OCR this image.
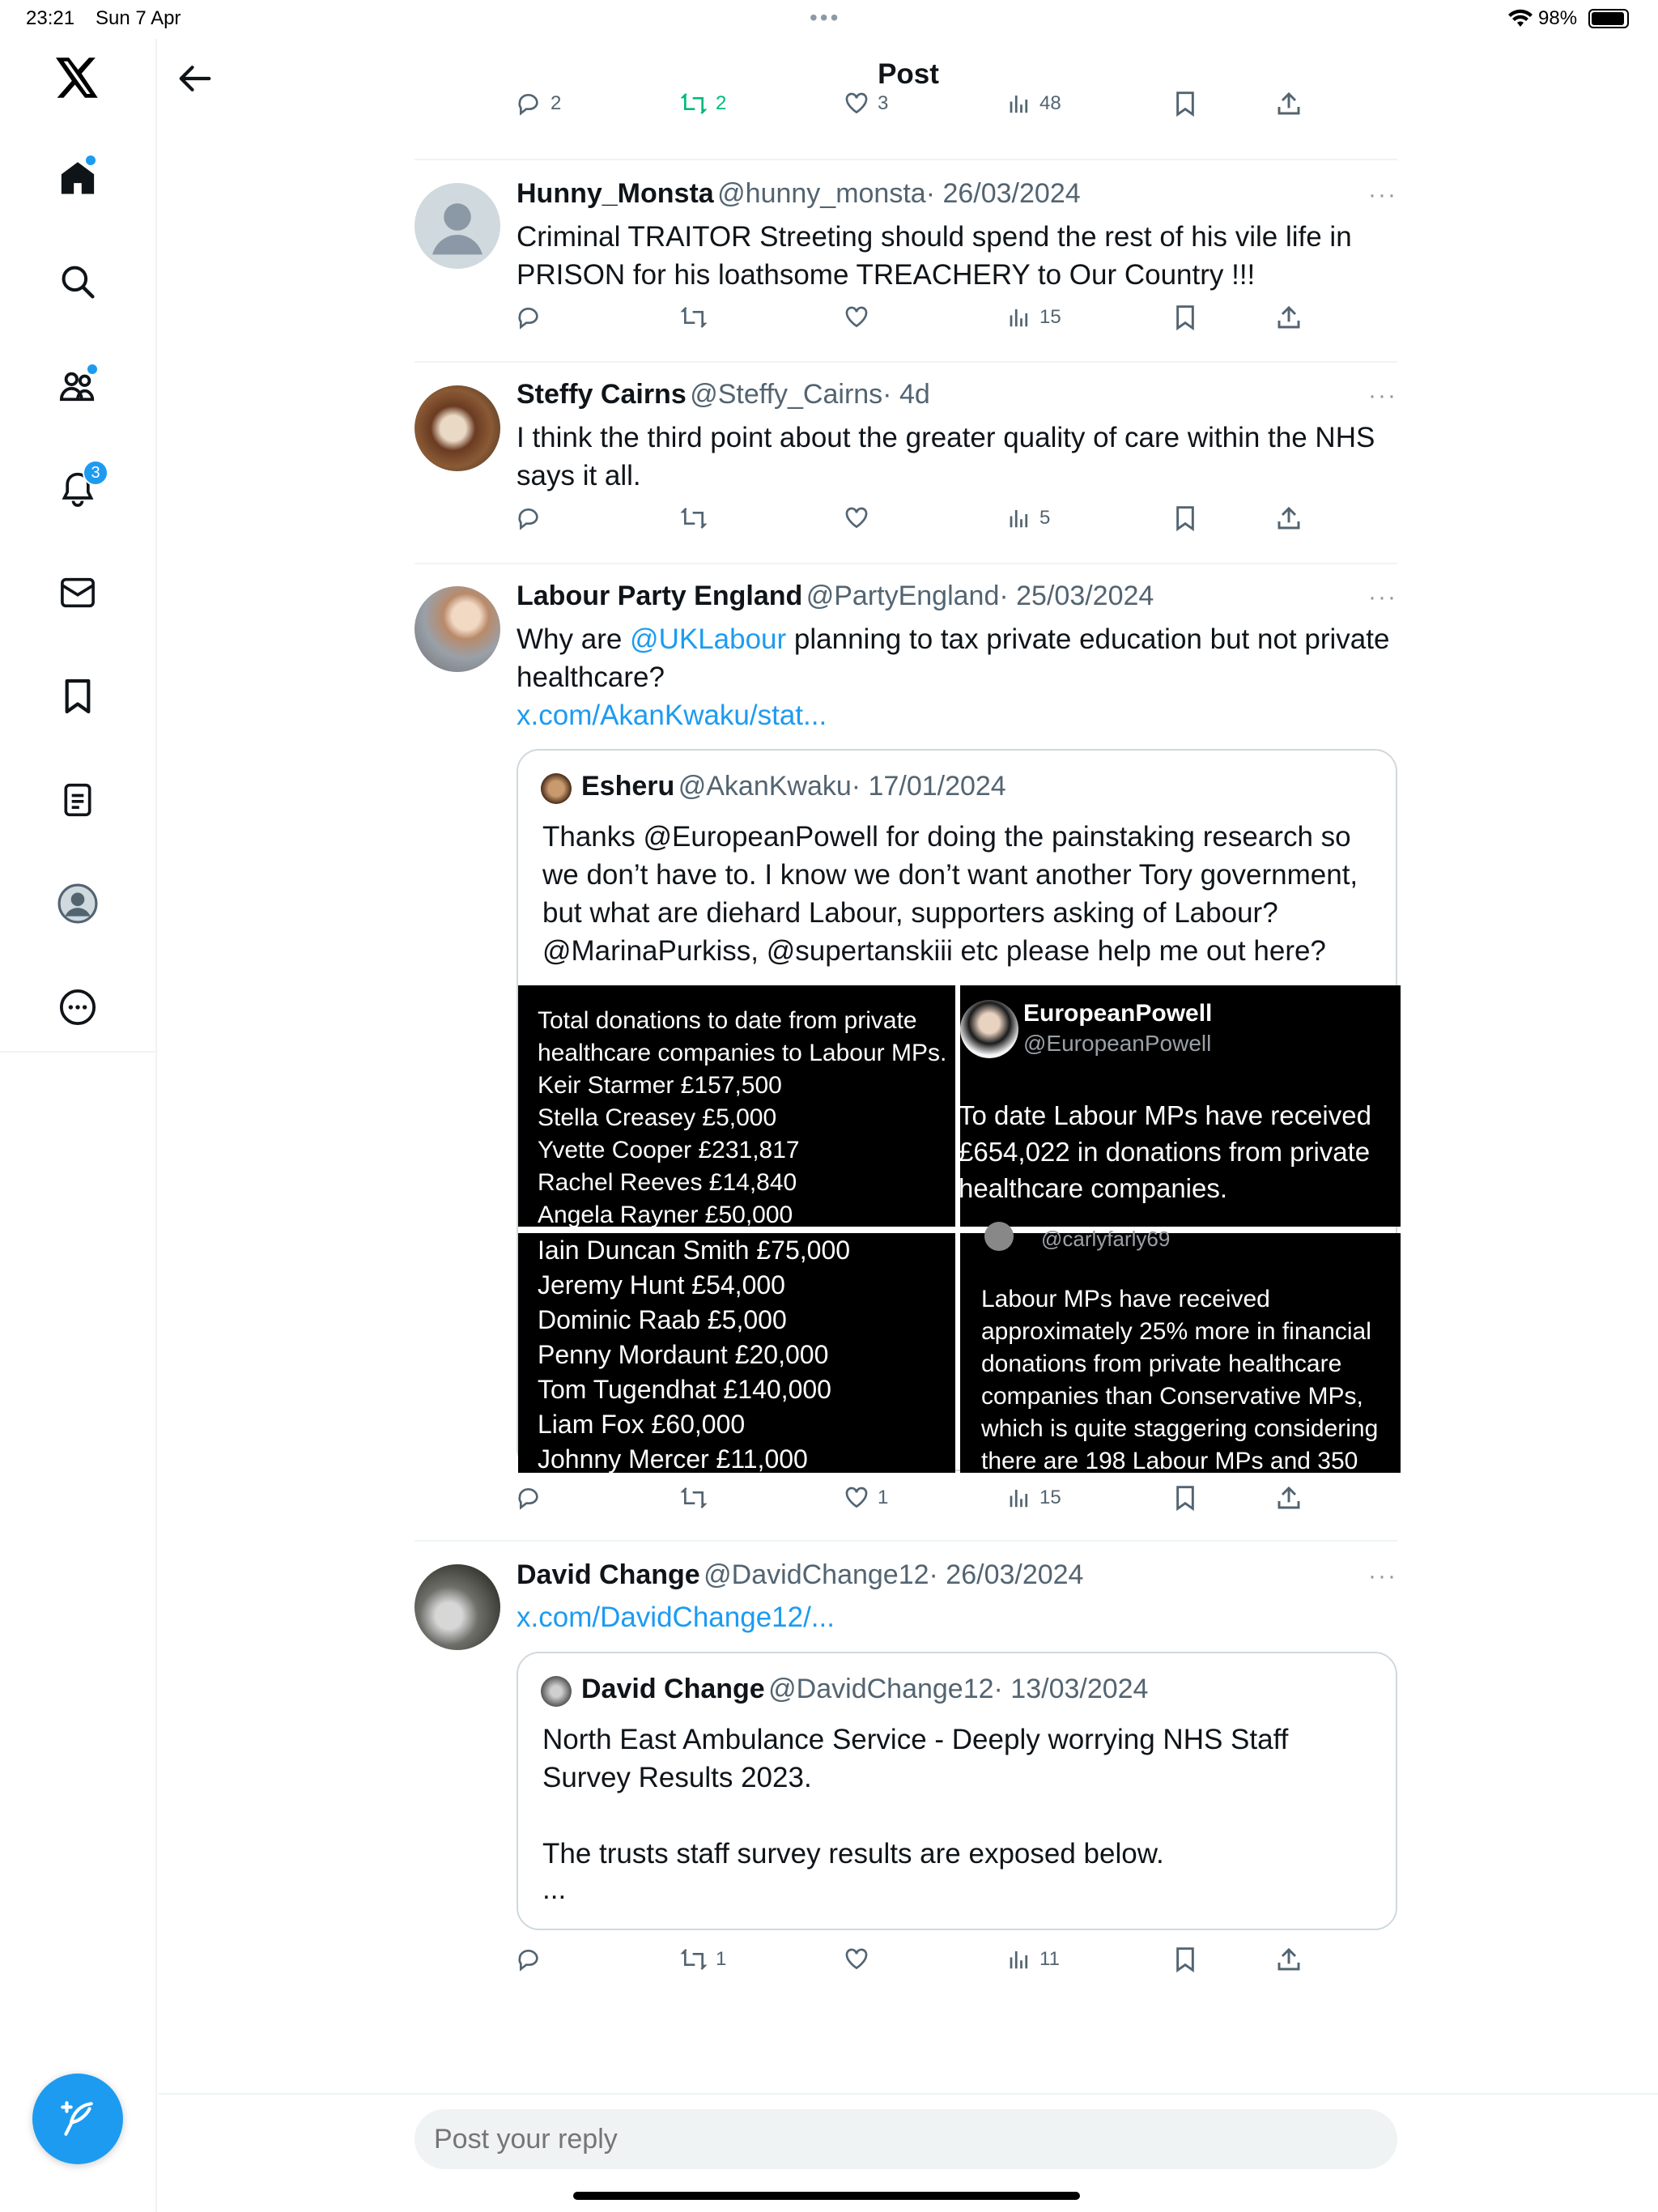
23:21 Sun 7 Apr	•••	98%
3
Post
2	2	3	48
Hunny_Monsta @hunny_monsta· 26/03/2024	···
Criminal TRAITOR Streeting should spend the rest of his vile life in PRISON for his loathsome TREACHERY to Our Country !!!
15
Steffy Cairns @Steffy_Cairns· 4d	···
I think the third point about the greater quality of care within the NHS says it all.
5
Labour Party England @PartyEngland· 25/03/2024	···
Why are @UKLabour planning to tax private education but not private healthcare?
x.com/AkanKwaku/stat...
Esheru @AkanKwaku· 17/01/2024
Thanks @EuropeanPowell for doing the painstaking research so we don’t have to. I know we don’t want another Tory government, but what are diehard Labour, supporters asking of Labour? @MarinaPurkiss, @supertanskiii etc please help me out here?
Total donations to date from private
healthcare companies to Labour MPs.
Keir Starmer £157,500
Stella Creasey £5,000
Yvette Cooper £231,817
Rachel Reeves £14,840
Angela Rayner £50,000
EuropeanPowell
@EuropeanPowell
To date Labour MPs have received
£654,022 in donations from private
healthcare companies.
Iain Duncan Smith £75,000
Jeremy Hunt £54,000
Dominic Raab £5,000
Penny Mordaunt £20,000
Tom Tugendhat £140,000
Liam Fox £60,000
Johnny Mercer £11,000
@carlyfarly69
Labour MPs have received
approximately 25% more in financial
donations from private healthcare
companies than Conservative MPs,
which is quite staggering considering
there are 198 Labour MPs and 350
1	15
David Change @DavidChange12· 26/03/2024	···
x.com/DavidChange12/...
David Change @DavidChange12· 13/03/2024
North East Ambulance Service - Deeply worrying NHS Staff Survey Results 2023.
The trusts staff survey results are exposed below.
...
1	11
Post your reply
